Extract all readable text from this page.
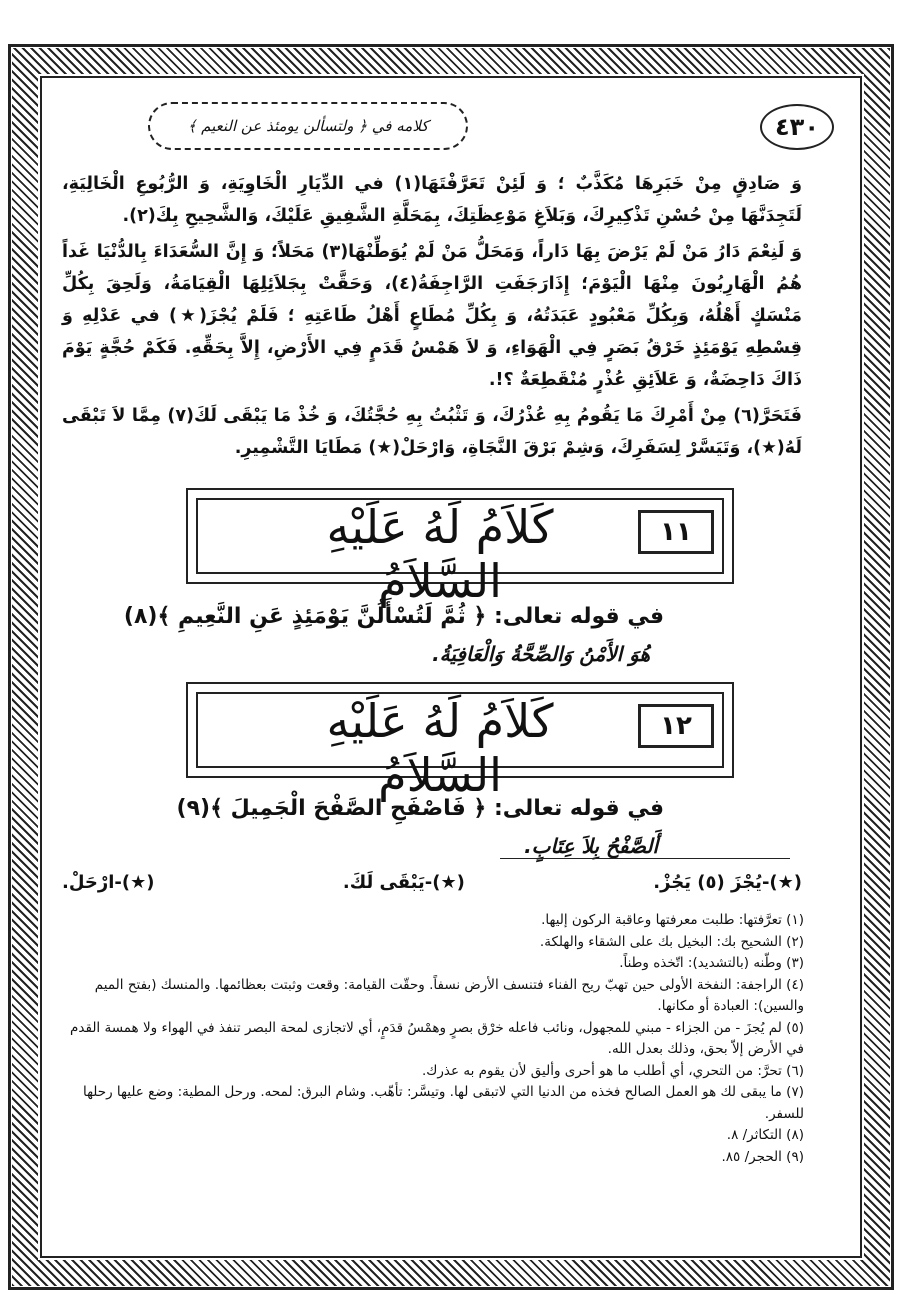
٤٣٠
كلامه في ﴿ ولتسألن يومئذ عن النعيم ﴾

وَ صَادِقٍ مِنْ خَبَرِهَا مُكَذَّبٌ ؛ وَ لَئِنْ تَعَرَّفْتَهَا(١) في الدِّيَارِ الْخَاوِيَةِ، وَ الرُّبُوعِ الْخَالِيَةِ، لَتَجِدَنَّهَا مِنْ حُسْنِ تَذْكِيرِكَ، وَبَلاَغِ مَوْعِظَتِكَ، بِمَحَلَّةِ الشَّفِيقِ عَلَيْكَ، وَالشَّحِيحِ بِكَ(٢).

وَ لَنِعْمَ دَارُ مَنْ لَمْ يَرْضَ بِهَا دَاراً، وَمَحَلُّ مَنْ لَمْ يُوَطِّنْهَا(٣) مَحَلاً؛ وَ إِنَّ السُّعَدَاءَ بِالدُّنْيَا غَداً هُمُ الْهَارِبُونَ مِنْهَا الْيَوْمَ؛ إِذَارَجَفَتِ الرَّاجِفَةُ(٤)، وَحَقَّتْ بِجَلاَئِلِهَا الْقِيَامَةُ، وَلَحِقَ بِكُلِّ مَنْسَكٍ أَهْلُهُ، وَبِكُلِّ مَعْبُودٍ عَبَدَتُهُ، وَ بِكُلِّ مُطَاعٍ أَهْلُ طَاعَتِهِ ؛ فَلَمْ يُجْزَ(★) في عَدْلِهِ وَ قِسْطِهِ يَوْمَئِذٍ خَرْقُ بَصَرٍ فِي الْهَوَاءِ، وَ لاَ هَمْسُ قَدَمٍ فِي الأَرْضِ، إِلاَّ بِحَقِّهِ. فَكَمْ حُجَّةٍ يَوْمَ ذَاكَ دَاحِضَةٌ، وَ عَلاَئِقِ عُذْرٍ مُنْقَطِعَةٌ ؟!.

فَتَحَرَّ(٦) مِنْ أَمْرِكَ مَا يَقُومُ بِهِ عُذْرُكَ، وَ تَثْبُتُ بِهِ حُجَّتُكَ، وَ خُذْ مَا يَبْقَى لَكَ(٧) مِمَّا لاَ تَبْقَى لَهُ(★)، وَتَيَسَّرْ لِسَفَرِكَ، وَشِمْ بَرْقَ النَّجَاةِ، وَارْحَلْ(★) مَطَايَا التَّشْمِيرِ.

كَلاَمُ لَهُ عَلَيْهِ السَّلاَمُ
١١
في قوله تعالى: ﴿ ثُمَّ لَتُسْأَلُنَّ يَوْمَئِذٍ عَنِ النَّعِيمِ ﴾(٨)
هُوَ الأَمْنُ وَالصِّحَّةُ وَالْعَافِيَةُ.
كَلاَمُ لَهُ عَلَيْهِ السَّلاَمُ
١٢
في قوله تعالى: ﴿ فَاصْفَحِ الصَّفْحَ الْجَمِيلَ ﴾(٩)
أَلصَّفْحُ بِلاَ عِتَابٍ.
(★)-يُجْزَ (٥) يَجُزْ.
(★)-يَبْقَى لَكَ.
(★)-ارْحَلْ.
(١) تعرَّفتها: طلبت معرفتها وعاقبة الركون إليها.
(٢) الشحيح بك: البخيل بك على الشقاء والهلكة.
(٣) وطّنه (بالتشديد): اتّخذه وطناً.
(٤) الراجفة: النفخة الأولى حين تهبّ ريح الفناء فتنسف الأرض نسفاً. وحقّت القيامة: وقعت وثبتت بعظائمها. والمنسك (بفتح الميم والسين): العبادة أو مكانها.
(٥) لم يُجزَ - من الجزاء - مبني للمجهول، ونائب فاعله خرْق بصرٍ وهمْسُ قدَمٍ، أي لاتجازى لمحة البصر تنفذ في الهواء ولا همسة القدم في الأرض إلاّ بحق، وذلك بعدل الله.
(٦) تحرَّ: من التحري، أي أطلب ما هو أحرى وأليق لأن يقوم به عذرك.
(٧) ما يبقى لك هو العمل الصالح فخذه من الدنيا التي لاتبقى لها. وتيسَّر: تأهّب. وشام البرق: لمحه. ورحل المطية: وضع عليها رحلها للسفر.
(٨) التكاثر/ ٨.
(٩) الحجر/ ٨٥.
